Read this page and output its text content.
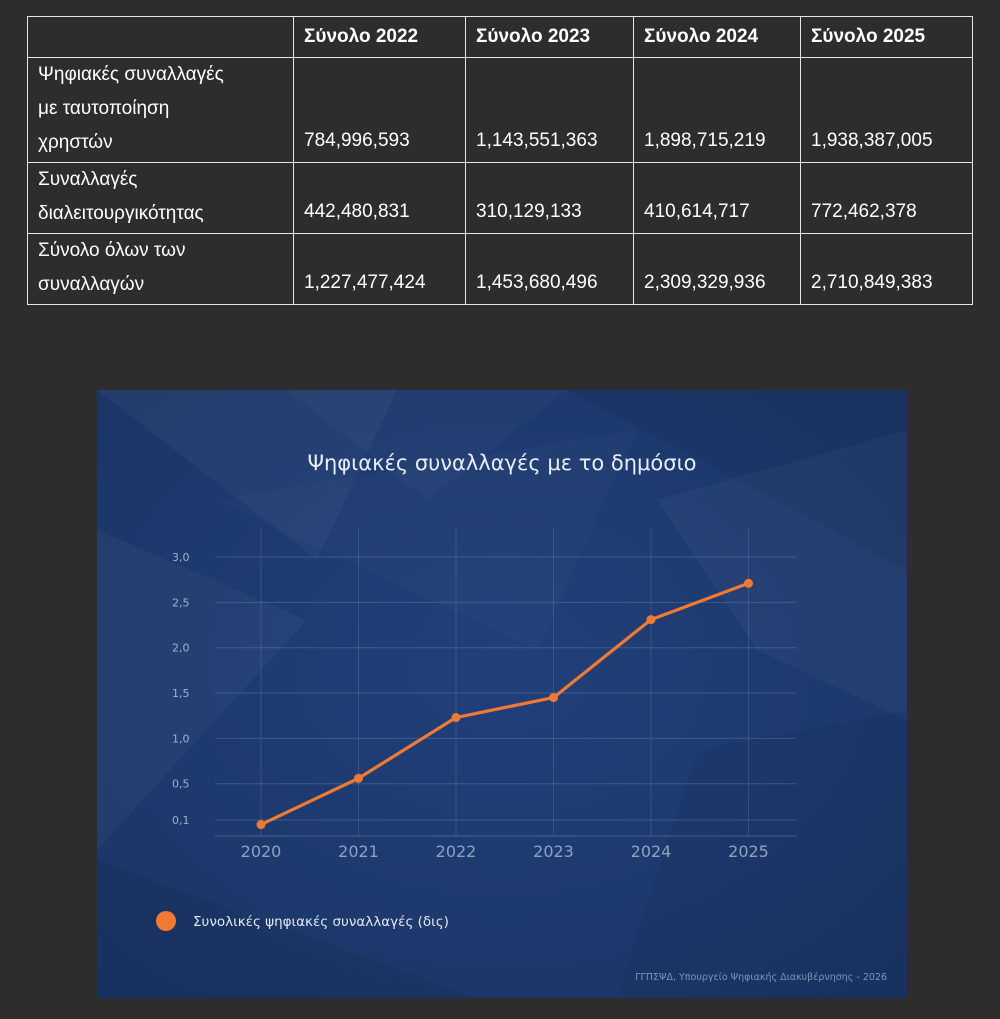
	Σύνολο 2022	Σύνολο 2023	Σύνολο 2024	Σύνολο 2025

Ψηφιακές συναλλαγές
με ταυτοποίηση
χρηστών	784,996,593	1,143,551,363	1,898,715,219	1,938,387,005

Συναλλαγές
διαλειτουργικότητας	442,480,831	310,129,133	410,614,717	772,462,378

Σύνολο όλων των
συναλλαγών	1,227,477,424	1,453,680,496	2,309,329,936	2,710,849,383
Ψηφιακές συναλλαγές με το δημόσιο
3,0
2,5
2,0
1,5
1,0
0,5
0,1
2020	2021	2022	2023	2024	2025
Συνολικές ψηφιακές συναλλαγές (δις)
ΓΓΠΣΨΔ, Υπουργείο Ψηφιακής Διακυβέρνησης - 2026
